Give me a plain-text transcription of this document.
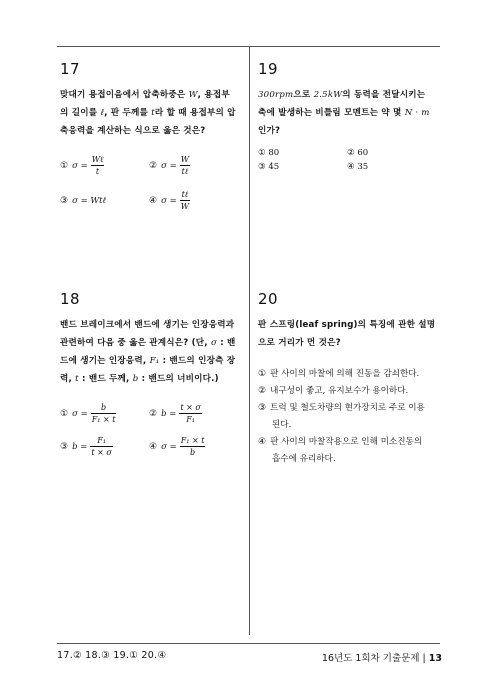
17
맞대기 용접이음에서 압축하중은 W, 용접부의 길이를 ℓ, 판 두께를 t라 할 때 용접부의 압축응력을 계산하는 식으로 옳은 것은?
① $\sigma = \frac{\text{Wℓ}}{t}$	② $\sigma = \frac{W}{\text{tℓ}}$
③ σ = Wtℓ	④ $\sigma = \frac{\text{tℓ}}{W}$
19
300rpm으로 2.5kW의 동력을 전달시키는 축에 발생하는 비틀림 모멘트는 약 몇 N · m 인가?
① 80	② 60
③ 45	④ 35
18
밴드 브레이크에서 밴드에 생기는 인장응력과 관련하여 다음 중 옳은 관계식은? (단, σ : 밴드에 생기는 인장응력, F₁ : 밴드의 인장측 장력, t : 밴드 두께, b : 밴드의 너비이다.)
① $\sigma = \frac{b}{\text{F₁ × t}}$	② $b = \frac{t \times \sigma}{\text{F₁}}$
③ $b = \frac{\text{F₁}}{t \times \sigma}$	④ $\sigma = \frac{\text{F₁ × t}}{b}$
20
판 스프링(leaf spring)의 특징에 관한 설명으로 거리가 먼 것은?
① 판 사이의 마찰에 의해 진동을 감쇠한다.
② 내구성이 좋고, 유지보수가 용이하다.
③ 트럭 및 철도차량의 현가장치로 주로 이용
된다.
④ 판 사이의 마찰작용으로 인해 미소진동의
흡수에 유리하다.
17.② 18.③ 19.① 20.④	16년도 1회차 기출문제 | 13
